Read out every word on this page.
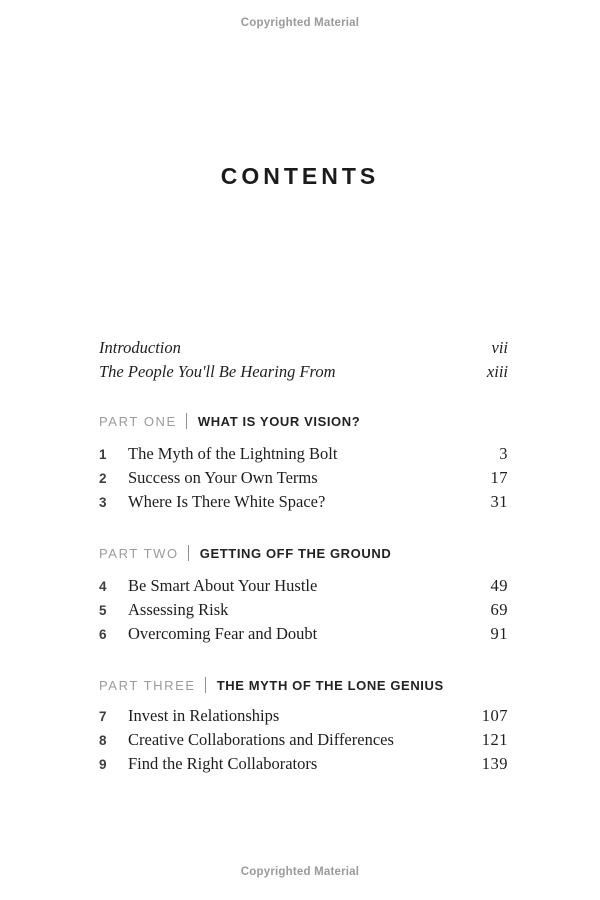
Copyrighted Material
CONTENTS
Introduction	vii
The People You'll Be Hearing From	xiii
PART ONE WHAT IS YOUR VISION?
1	The Myth of the Lightning Bolt	3
2	Success on Your Own Terms	17
3	Where Is There White Space?	31
PART TWO GETTING OFF THE GROUND
4	Be Smart About Your Hustle	49
5	Assessing Risk	69
6	Overcoming Fear and Doubt	91
PART THREE THE MYTH OF THE LONE GENIUS
7	Invest in Relationships	107
8	Creative Collaborations and Differences	121
9	Find the Right Collaborators	139
Copyrighted Material
